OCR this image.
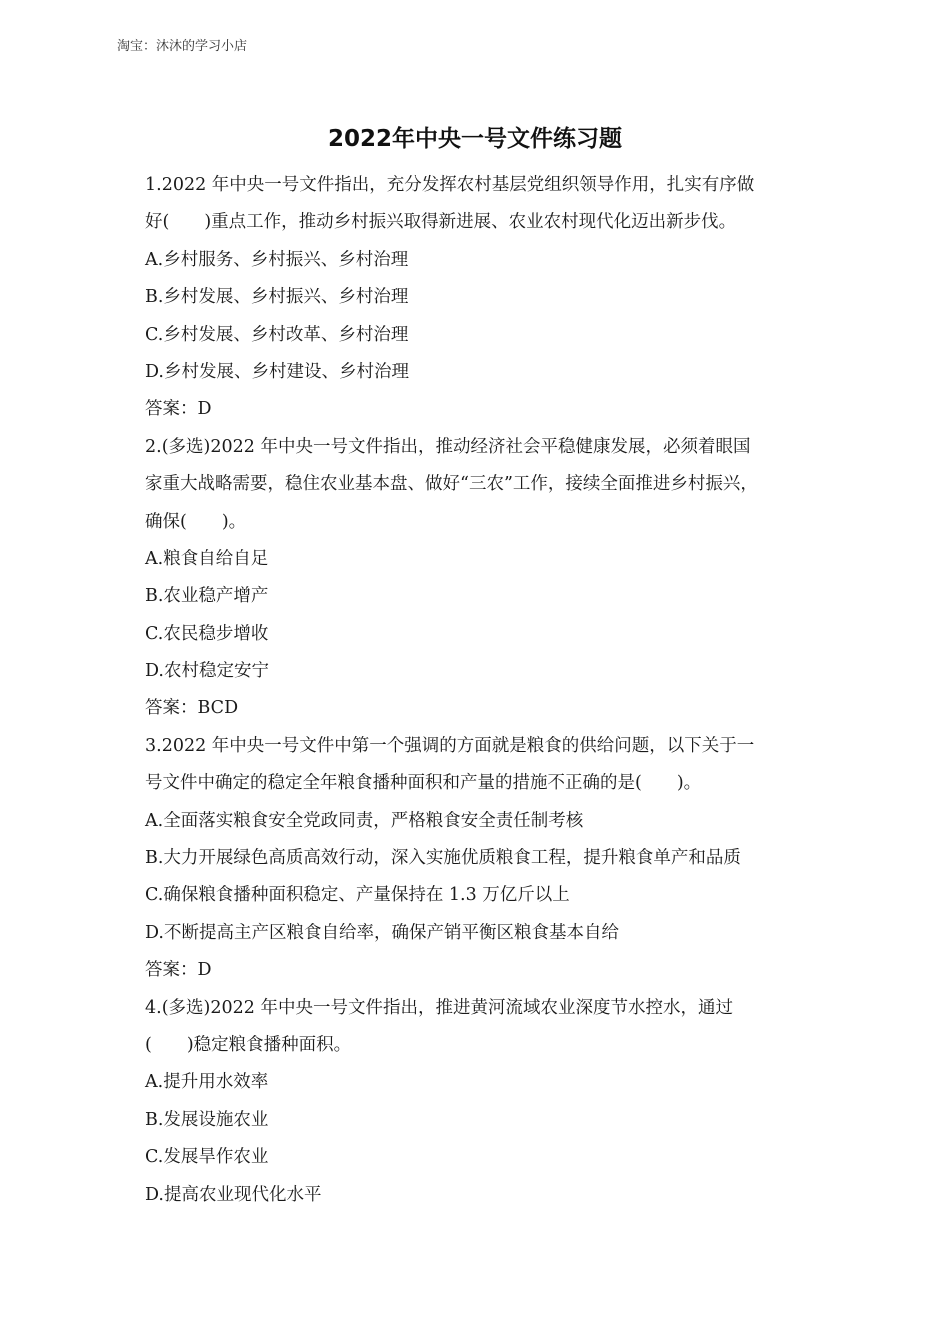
淘宝：沐沐的学习小店
2022年中央一号文件练习题
1.2022 年中央一号文件指出，充分发挥农村基层党组织领导作用，扎实有序做
好(　　)重点工作，推动乡村振兴取得新进展、农业农村现代化迈出新步伐。
A.乡村服务、乡村振兴、乡村治理
B.乡村发展、乡村振兴、乡村治理
C.乡村发展、乡村改革、乡村治理
D.乡村发展、乡村建设、乡村治理
答案：D
2.(多选)2022 年中央一号文件指出，推动经济社会平稳健康发展，必须着眼国
家重大战略需要，稳住农业基本盘、做好“三农”工作，接续全面推进乡村振兴，
确保(　　)。
A.粮食自给自足
B.农业稳产增产
C.农民稳步增收
D.农村稳定安宁
答案：BCD
3.2022 年中央一号文件中第一个强调的方面就是粮食的供给问题，以下关于一
号文件中确定的稳定全年粮食播种面积和产量的措施不正确的是(　　)。
A.全面落实粮食安全党政同责，严格粮食安全责任制考核
B.大力开展绿色高质高效行动，深入实施优质粮食工程，提升粮食单产和品质
C.确保粮食播种面积稳定、产量保持在 1.3 万亿斤以上
D.不断提高主产区粮食自给率，确保产销平衡区粮食基本自给
答案：D
4.(多选)2022 年中央一号文件指出，推进黄河流域农业深度节水控水，通过
(　　)稳定粮食播种面积。
A.提升用水效率
B.发展设施农业
C.发展旱作农业
D.提高农业现代化水平
